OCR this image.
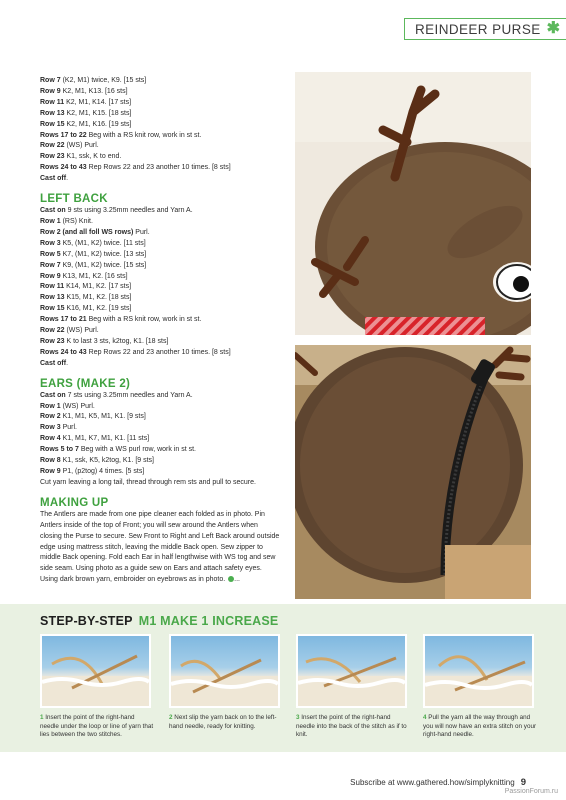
REINDEER PURSE ✱
Row 7 (K2, M1) twice, K9. [15 sts]
Row 9 K2, M1, K13. [16 sts]
Row 11 K2, M1, K14. [17 sts]
Row 13 K2, M1, K15. [18 sts]
Row 15 K2, M1, K16. [19 sts]
Rows 17 to 22 Beg with a RS knit row, work in st st.
Row 22 (WS) Purl.
Row 23 K1, ssk, K to end.
Rows 24 to 43 Rep Rows 22 and 23 another 10 times. [8 sts]
Cast off.
LEFT BACK
Cast on 9 sts using 3.25mm needles and Yarn A.
Row 1 (RS) Knit.
Row 2 (and all foll WS rows) Purl.
Row 3 K5, (M1, K2) twice. [11 sts]
Row 5 K7, (M1, K2) twice. [13 sts]
Row 7 K9, (M1, K2) twice. [15 sts]
Row 9 K13, M1, K2. [16 sts]
Row 11 K14, M1, K2. [17 sts]
Row 13 K15, M1, K2. [18 sts]
Row 15 K16, M1, K2. [19 sts]
Rows 17 to 21 Beg with a RS knit row, work in st st.
Row 22 (WS) Purl.
Row 23 K to last 3 sts, k2tog, K1. [18 sts]
Rows 24 to 43 Rep Rows 22 and 23 another 10 times. [8 sts]
Cast off.
EARS (MAKE 2)
Cast on 7 sts using 3.25mm needles and Yarn A.
Row 1 (WS) Purl.
Row 2 K1, M1, K5, M1, K1. [9 sts]
Row 3 Purl.
Row 4 K1, M1, K7, M1, K1. [11 sts]
Rows 5 to 7 Beg with a WS purl row, work in st st.
Row 8 K1, ssk, K5, k2tog, K1. [9 sts]
Row 9 P1, (p2tog) 4 times. [5 sts]
Cut yarn leaving a long tail, thread through rem sts and pull to secure.
MAKING UP
The Antlers are made from one pipe cleaner each folded as in photo. Pin Antlers inside of the top of Front; you will sew around the Antlers when closing the Purse to secure. Sew Front to Right and Left Back around outside edge using mattress stitch, leaving the middle Back open. Sew zipper to middle Back opening. Fold each Ear in half lengthwise with WS tog and sew side seam. Using photo as a guide sew on Ears and attach safety eyes. Using dark brown yarn, embroider on eyebrows as in photo. ...
STEP-BY-STEP M1 MAKE 1 INCREASE
1 Insert the point of the right-hand needle under the loop or line of yarn that lies between the two stitches.
2 Next slip the yarn back on to the left-hand needle, ready for knitting.
3 Insert the point of the right-hand needle into the back of the stitch as if to knit.
4 Pull the yarn all the way through and you will now have an extra stitch on your right-hand needle.
Subscribe at www.gathered.how/simplyknitting 9
PassionForum.ru
